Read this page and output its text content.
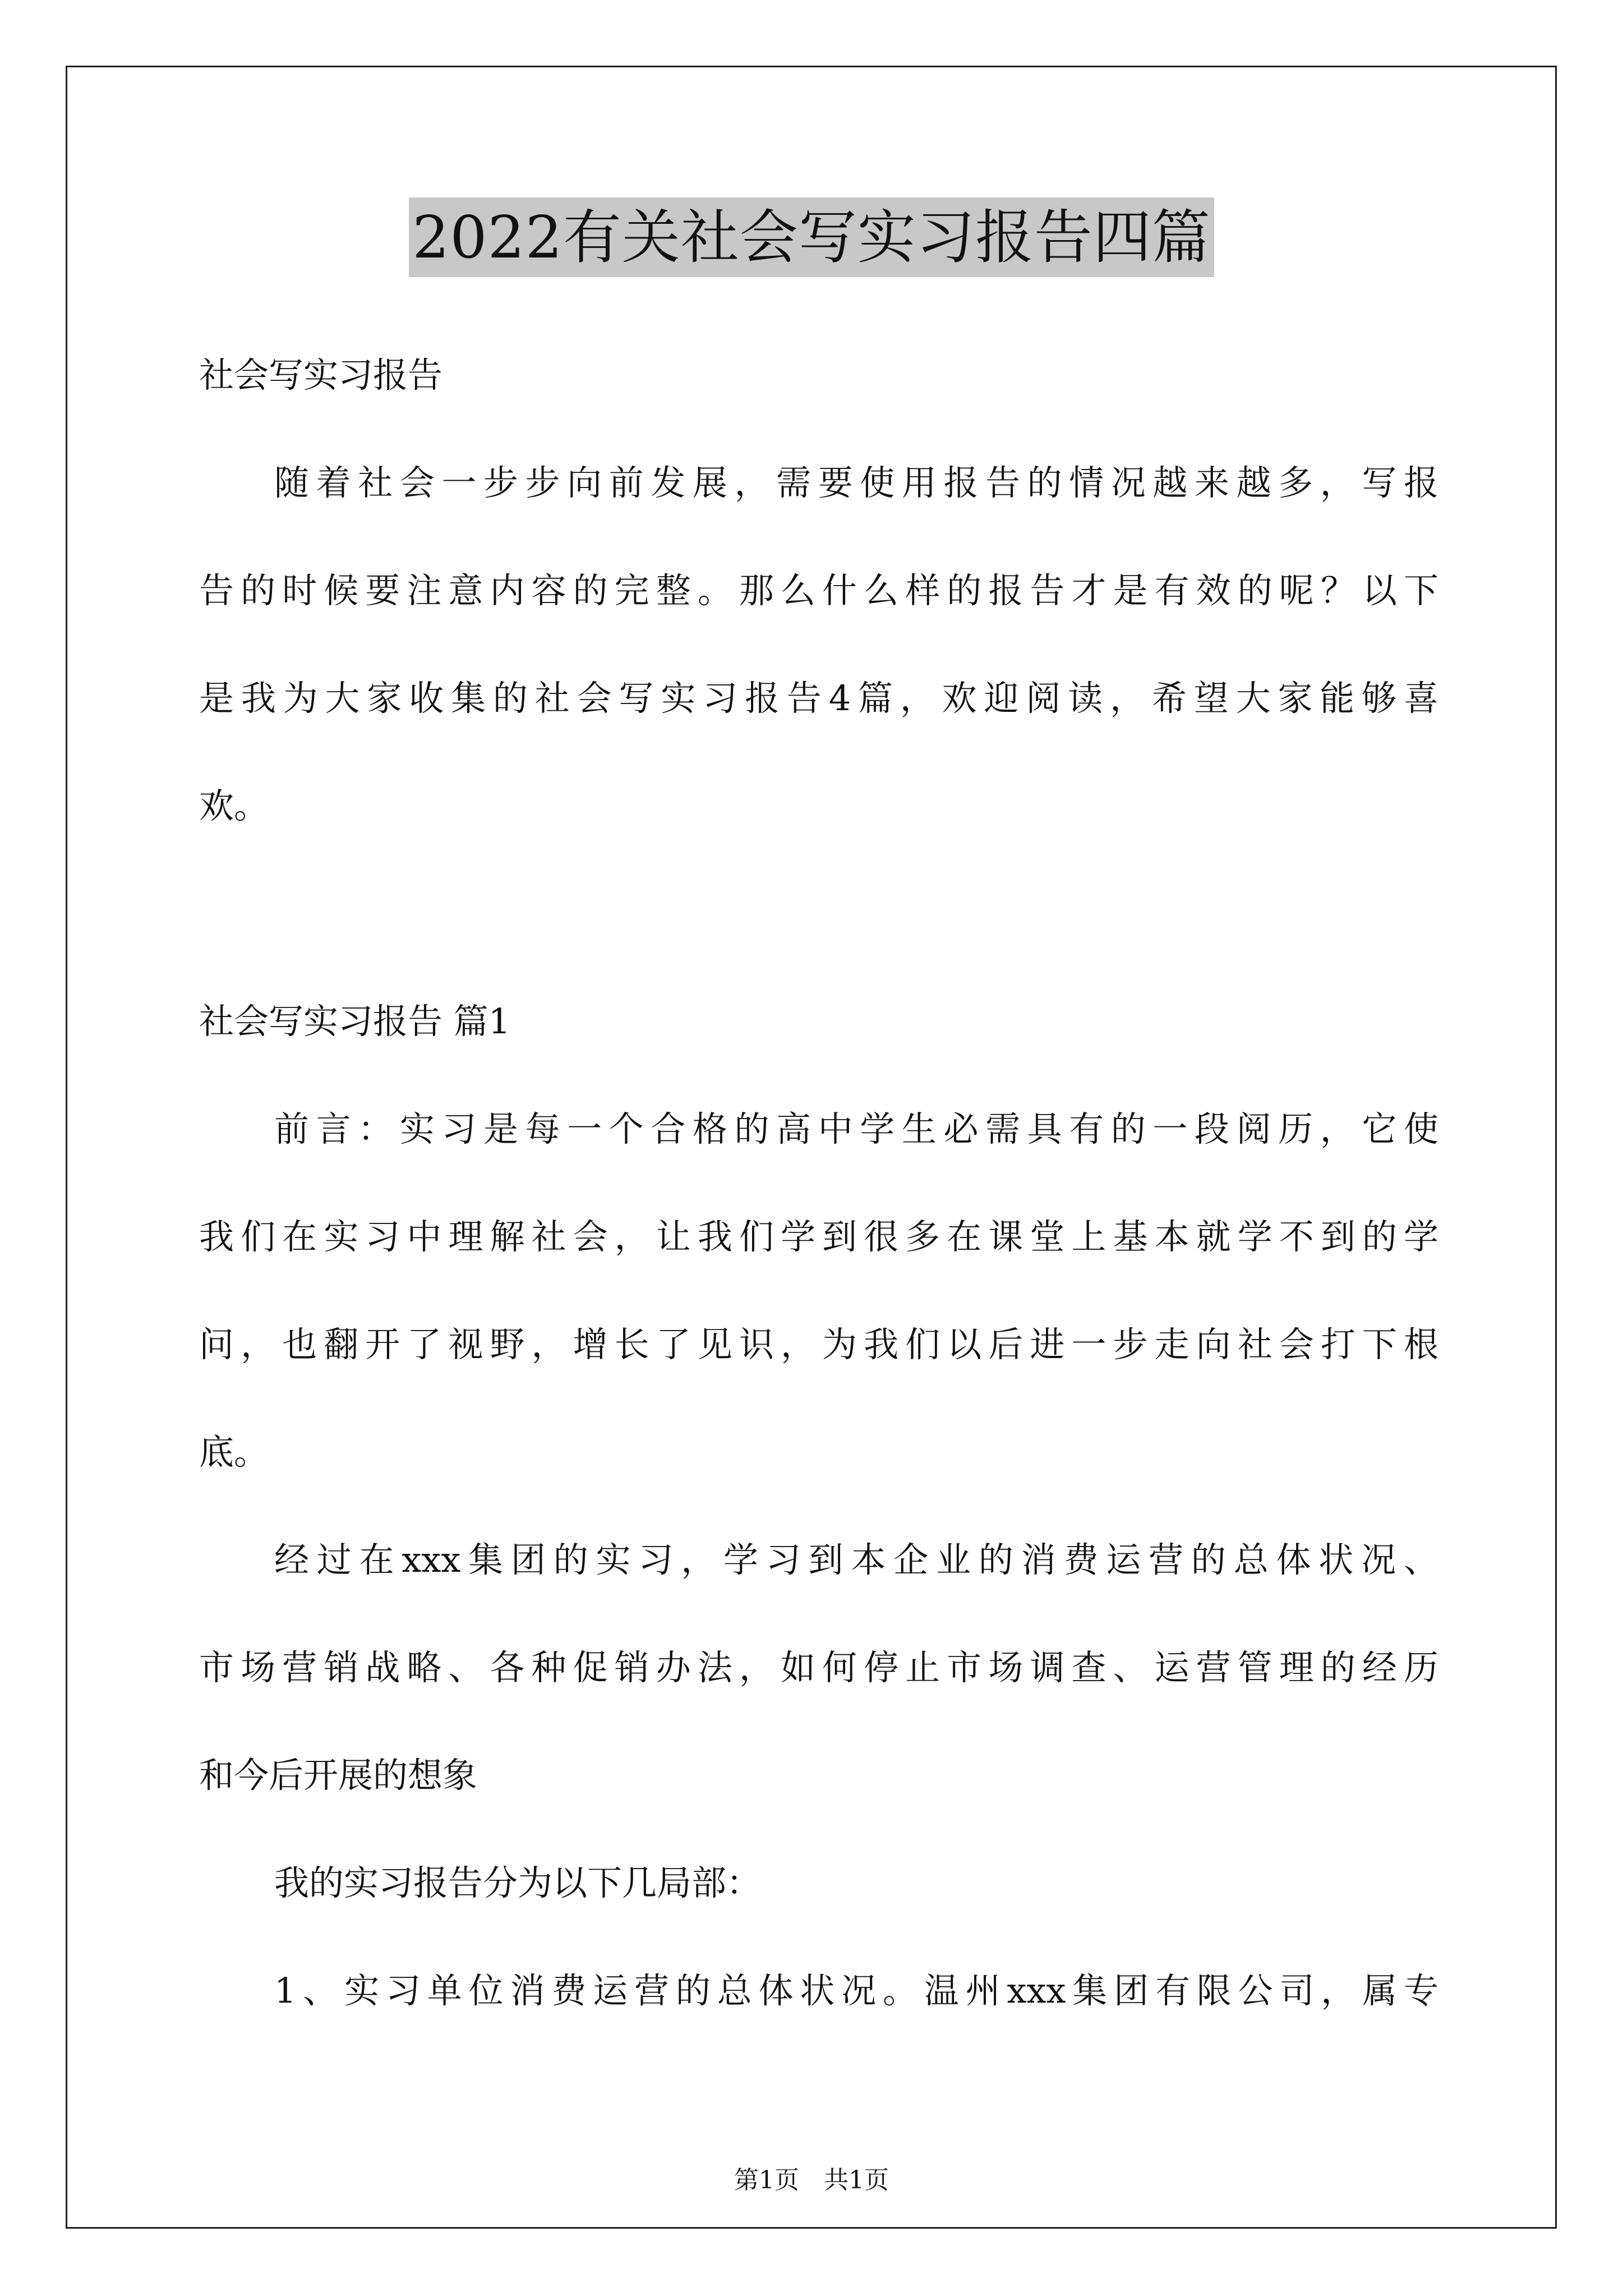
2022有关社会写实习报告四篇
社会写实习报告
随着社会一步步向前发展，需要使用报告的情况越来越多，写报
告的时候要注意内容的完整。那么什么样的报告才是有效的呢？以下
是我为大家收集的社会写实习报告4篇，欢迎阅读，希望大家能够喜
欢。
社会写实习报告 篇1
前言：实习是每一个合格的高中学生必需具有的一段阅历，它使
我们在实习中理解社会，让我们学到很多在课堂上基本就学不到的学
问，也翻开了视野，增长了见识，为我们以后进一步走向社会打下根
底。
经过在xxx集团的实习，学习到本企业的消费运营的总体状况、
市场营销战略、各种促销办法，如何停止市场调查、运营管理的经历
和今后开展的想象
我的实习报告分为以下几局部：
1、实习单位消费运营的总体状况。温州xxx集团有限公司，属专
第1页 共1页
